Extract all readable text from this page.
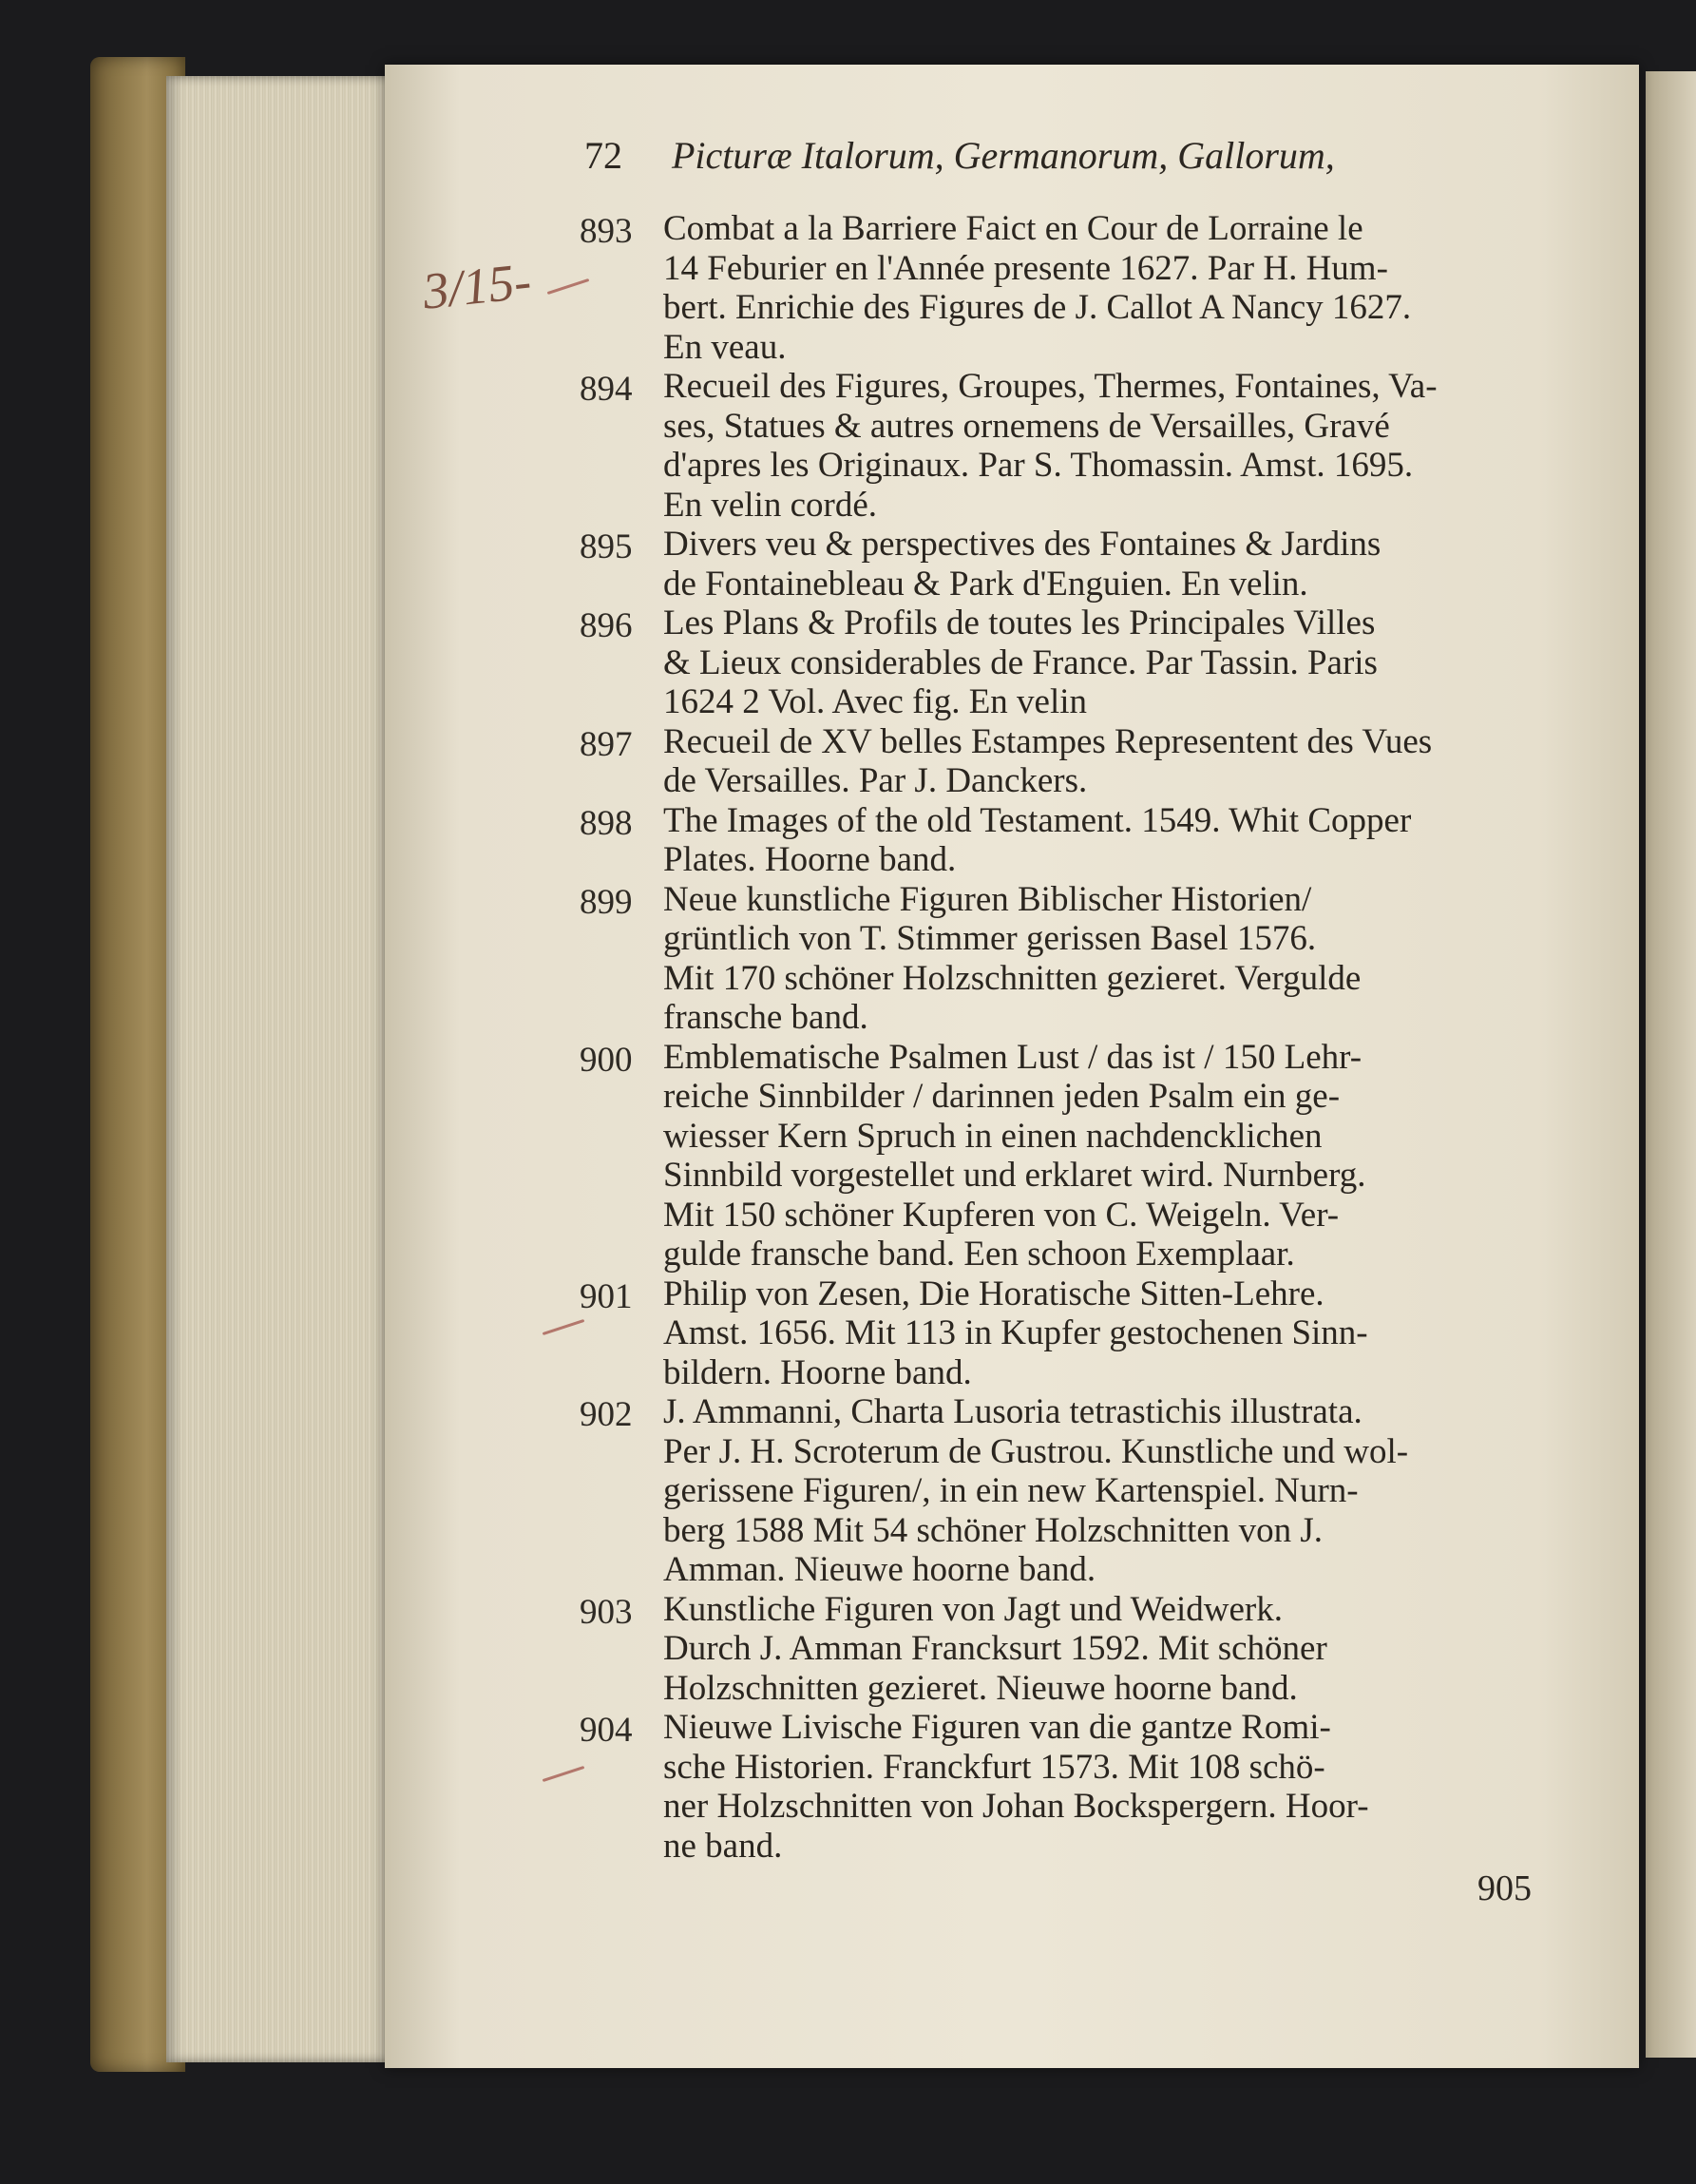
72 Picturæ Italorum, Germanorum, Gallorum,
3/15-
893 Combat a la Barriere Faict en Cour de Lorraine le
14 Feburier en l'Année presente 1627. Par H. Hum-
bert. Enrichie des Figures de J. Callot A Nancy 1627.
En veau.
894 Recueil des Figures, Groupes, Thermes, Fontaines, Va-
ses, Statues & autres ornemens de Versailles, Gravé
d'apres les Originaux. Par S. Thomassin. Amst. 1695.
En velin cordé.
895 Divers veu & perspectives des Fontaines & Jardins
de Fontainebleau & Park d'Enguien. En velin.
896 Les Plans & Profils de toutes les Principales Villes
& Lieux considerables de France. Par Tassin. Paris
1624 2 Vol. Avec fig. En velin
897 Recueil de XV belles Estampes Representent des Vues
de Versailles. Par J. Danckers.
898 The Images of the old Testament. 1549. Whit Copper
Plates. Hoorne band.
899 Neue kunstliche Figuren Biblischer Historien/
grüntlich von T. Stimmer gerissen Basel 1576.
Mit 170 schöner Holzschnitten gezieret. Verguldе
fransche band.
900 Emblematische Psalmen Lust / das ist / 150 Lehr-
reiche Sinnbilder / darinnen jeden Psalm ein ge-
wiesser Kern Spruch in einen nachdencklichen
Sinnbild vorgestellet und erklaret wird. Nurnberg.
Mit 150 schöner Kupferen von C. Weigeln. Ver-
gulde fransche band. Een schoon Exemplaar.
901 Philip von Zesen, Die Horatische Sitten-Lehre.
Amst. 1656. Mit 113 in Kupfer gestochenen Sinn-
bildern. Hoorne band.
902 J. Ammanni, Charta Lusoria tetrastichis illustrata.
Per J. H. Scroterum de Gustrou. Kunstliche und wol-
gerissene Figuren/, in ein new Kartenspiel. Nurn-
berg 1588 Mit 54 schöner Holzschnitten von J.
Amman. Nieuwe hoorne band.
903 Kunstliche Figuren von Jagt und Weidwerk.
Durch J. Amman Francksurt 1592. Mit schöner
Holzschnitten gezieret. Nieuwe hoorne band.
904 Nieuwe Livische Figuren van die gantze Romi-
sche Historien. Franckfurt 1573. Mit 108 schö-
ner Holzschnitten von Johan Bockspergern. Hoor-
ne band.
905
